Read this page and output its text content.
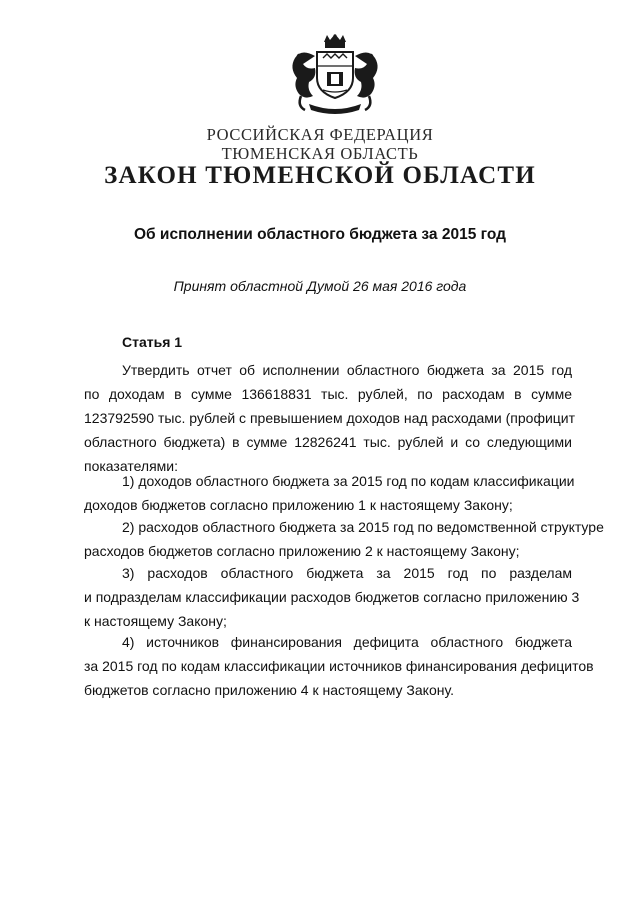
РОССИЙСКАЯ ФЕДЕРАЦИЯ

ТЮМЕНСКАЯ ОБЛАСТЬ

ЗАКОН ТЮМЕНСКОЙ ОБЛАСТИ

Об исполнении областного бюджета за 2015 год

Принят областной Думой 26 мая 2016 года

Статья 1

Утвердить отчет об исполнении областного бюджета за 2015 год

по доходам в сумме 136618831 тыс. рублей, по расходам в сумме

123792590 тыс. рублей с превышением доходов над расходами (профицит

областного бюджета) в сумме 12826241 тыс. рублей и со следующими

показателями:

1) доходов областного бюджета за 2015 год по кодам классификации

доходов бюджетов согласно приложению 1 к настоящему Закону;

2) расходов областного бюджета за 2015 год по ведомственной структуре

расходов бюджетов согласно приложению 2 к настоящему Закону;

3) расходов областного бюджета за 2015 год по разделам

и подразделам классификации расходов бюджетов согласно приложению 3

к настоящему Закону;

4) источников финансирования дефицита областного бюджета

за 2015 год по кодам классификации источников финансирования дефицитов

бюджетов согласно приложению 4 к настоящему Закону.
